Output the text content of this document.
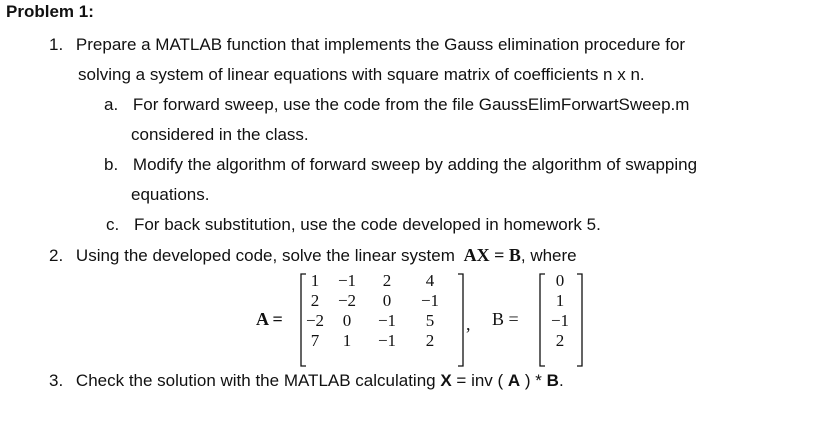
Problem 1:
1. Prepare a MATLAB function that implements the Gauss elimination procedure for
solving a system of linear equations with square matrix of coefficients n x n.
a. For forward sweep, use the code from the file GaussElimForwartSweep.m
considered in the class.
b. Modify the algorithm of forward sweep by adding the algorithm of swapping
equations.
c. For back substitution, use the code developed in homework 5.
2. Using the developed code, solve the linear system AX = B, where
A =
1	−1	2	4
2	−2	0	−1
−2	0	−1	5
7	1	−1	2
, B =
0
1
−1
2
3. Check the solution with the MATLAB calculating X = inv ( A ) * B.
